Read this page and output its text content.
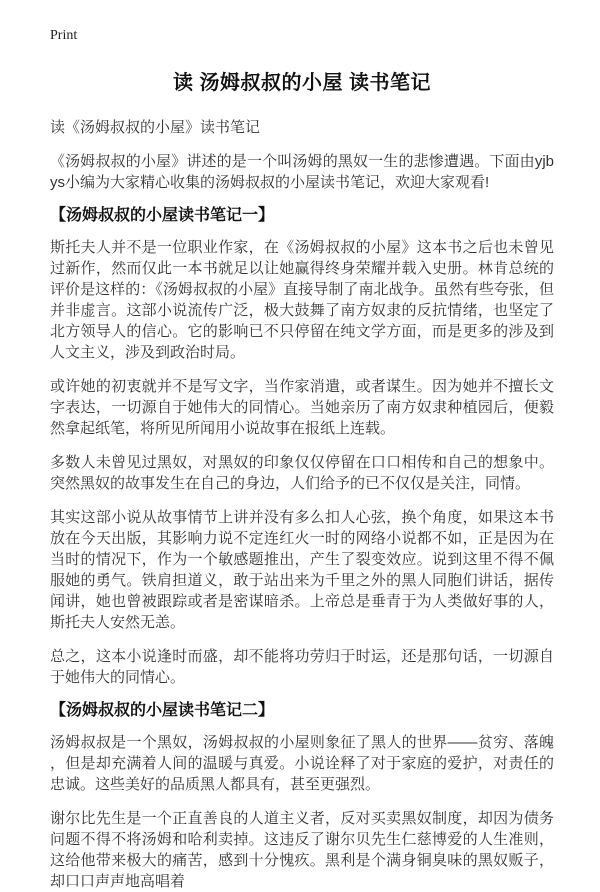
Print
读 汤姆叔叔的小屋 读书笔记

读《汤姆叔叔的小屋》读书笔记

《汤姆叔叔的小屋》讲述的是一个叫汤姆的黑奴一生的悲惨遭遇。下面由yjbys小编为大家精心收集的汤姆叔叔的小屋读书笔记，欢迎大家观看!

【汤姆叔叔的小屋读书笔记一】

斯托夫人并不是一位职业作家，在《汤姆叔叔的小屋》这本书之后也未曾见过新作，然而仅此一本书就足以让她赢得终身荣耀并载入史册。林肯总统的评价是这样的：《汤姆叔叔的小屋》直接导制了南北战争。虽然有些夸张，但并非虚言。这部小说流传广泛，极大鼓舞了南方奴隶的反抗情绪，也坚定了北方领导人的信心。它的影响已不只停留在纯文学方面，而是更多的涉及到人文主义，涉及到政治时局。

或许她的初衷就并不是写文字，当作家消遣，或者谋生。因为她并不擅长文字表达，一切源自于她伟大的同情心。当她亲历了南方奴隶种植园后，便毅然拿起纸笔，将所见所闻用小说故事在报纸上连载。

多数人未曾见过黑奴，对黑奴的印象仅仅停留在口口相传和自己的想象中。突然黑奴的故事发生在自己的身边，人们给予的已不仅仅是关注，同情。

其实这部小说从故事情节上讲并没有多么扣人心弦，换个角度，如果这本书放在今天出版，其影响力说不定连红火一时的网络小说都不如，正是因为在当时的情况下，作为一个敏感题推出，产生了裂变效应。说到这里不得不佩服她的勇气。铁肩担道义，敢于站出来为千里之外的黑人同胞们讲话，据传闻讲，她也曾被跟踪或者是密谋暗杀。上帝总是垂青于为人类做好事的人，斯托夫人安然无恙。

总之，这本小说逢时而盛，却不能将功劳归于时运，还是那句话，一切源自于她伟大的同情心。

【汤姆叔叔的小屋读书笔记二】

汤姆叔叔是一个黑奴，汤姆叔叔的小屋则象征了黑人的世界——贫穷、落魄，但是却充满着人间的温暖与真爱。小说诠释了对于家庭的爱护，对责任的忠诚。这些美好的品质黑人都具有，甚至更强烈。

谢尔比先生是一个正直善良的人道主义者，反对买卖黑奴制度，却因为债务问题不得不将汤姆和哈利卖掉。这违反了谢尔贝先生仁慈博爱的人生准则，这给他带来极大的痛苦，感到十分愧疚。黑利是个满身铜臭味的黑奴贩子，却口口声声地高唱着
